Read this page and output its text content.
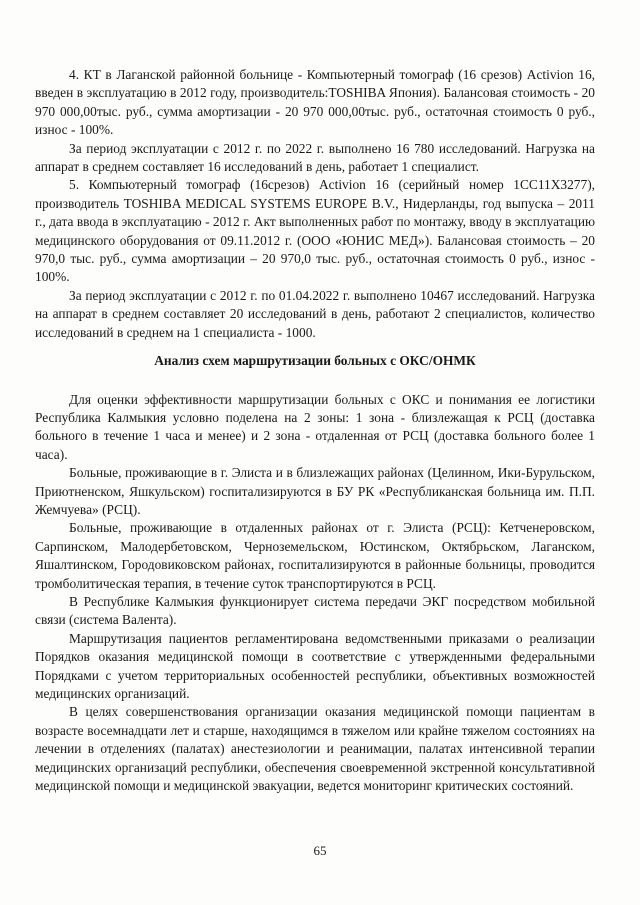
4. КТ в Лаганской районной больнице - Компьютерный томограф (16 срезов) Activion 16, введен в эксплуатацию в 2012 году, производитель:TOSHIBA Япония). Балансовая стоимость - 20 970 000,00тыс. руб., сумма амортизации - 20 970 000,00тыс. руб., остаточная стоимость 0 руб., износ - 100%.

За период эксплуатации с 2012 г. по 2022 г. выполнено 16 780 исследований. Нагрузка на аппарат в среднем составляет 16 исследований в день, работает 1 специалист.

5. Компьютерный томограф (16срезов) Activion 16 (серийный номер 1CC11X3277), производитель TOSHIBA MEDICAL SYSTEMS EUROPE B.V., Нидерланды, год выпуска – 2011 г., дата ввода в эксплуатацию - 2012 г. Акт выполненных работ по монтажу, вводу в эксплуатацию медицинского оборудования от 09.11.2012 г. (ООО «ЮНИС МЕД»). Балансовая стоимость – 20 970,0 тыс. руб., сумма амортизации – 20 970,0 тыс. руб., остаточная стоимость 0 руб., износ - 100%.

За период эксплуатации с 2012 г. по 01.04.2022 г. выполнено 10467 исследований. Нагрузка на аппарат в среднем составляет 20 исследований в день, работают 2 специалистов, количество исследований в среднем на 1 специалиста - 1000.

Анализ схем маршрутизации больных с ОКС/ОНМК

Для оценки эффективности маршрутизации больных с ОКС и понимания ее логистики Республика Калмыкия условно поделена на 2 зоны: 1 зона - близлежащая к РСЦ (доставка больного в течение 1 часа и менее) и 2 зона - отдаленная от РСЦ (доставка больного более 1 часа).

Больные, проживающие в г. Элиста и в близлежащих районах (Целинном, Ики-Бурульском, Приютненском, Яшкульском) госпитализируются в БУ РК «Республиканская больница им. П.П. Жемчуева» (РСЦ).

Больные, проживающие в отдаленных районах от г. Элиста (РСЦ): Кетченеровском, Сарпинском, Малодербетовском, Черноземельском, Юстинском, Октябрьском, Лаганском, Яшалтинском, Городовиковском районах, госпитализируются в районные больницы, проводится тромболитическая терапия, в течение суток транспортируются в РСЦ.

В Республике Калмыкия функционирует система передачи ЭКГ посредством мобильной связи (система Валента).

Маршрутизация пациентов регламентирована ведомственными приказами о реализации Порядков оказания медицинской помощи в соответствие с утвержденными федеральными Порядками с учетом территориальных особенностей республики, объективных возможностей медицинских организаций.

В целях совершенствования организации оказания медицинской помощи пациентам в возрасте восемнадцати лет и старше, находящимся в тяжелом или крайне тяжелом состояниях на лечении в отделениях (палатах) анестезиологии и реанимации, палатах интенсивной терапии медицинских организаций республики, обеспечения своевременной экстренной консультативной медицинской помощи и медицинской эвакуации, ведется мониторинг критических состояний.

65
